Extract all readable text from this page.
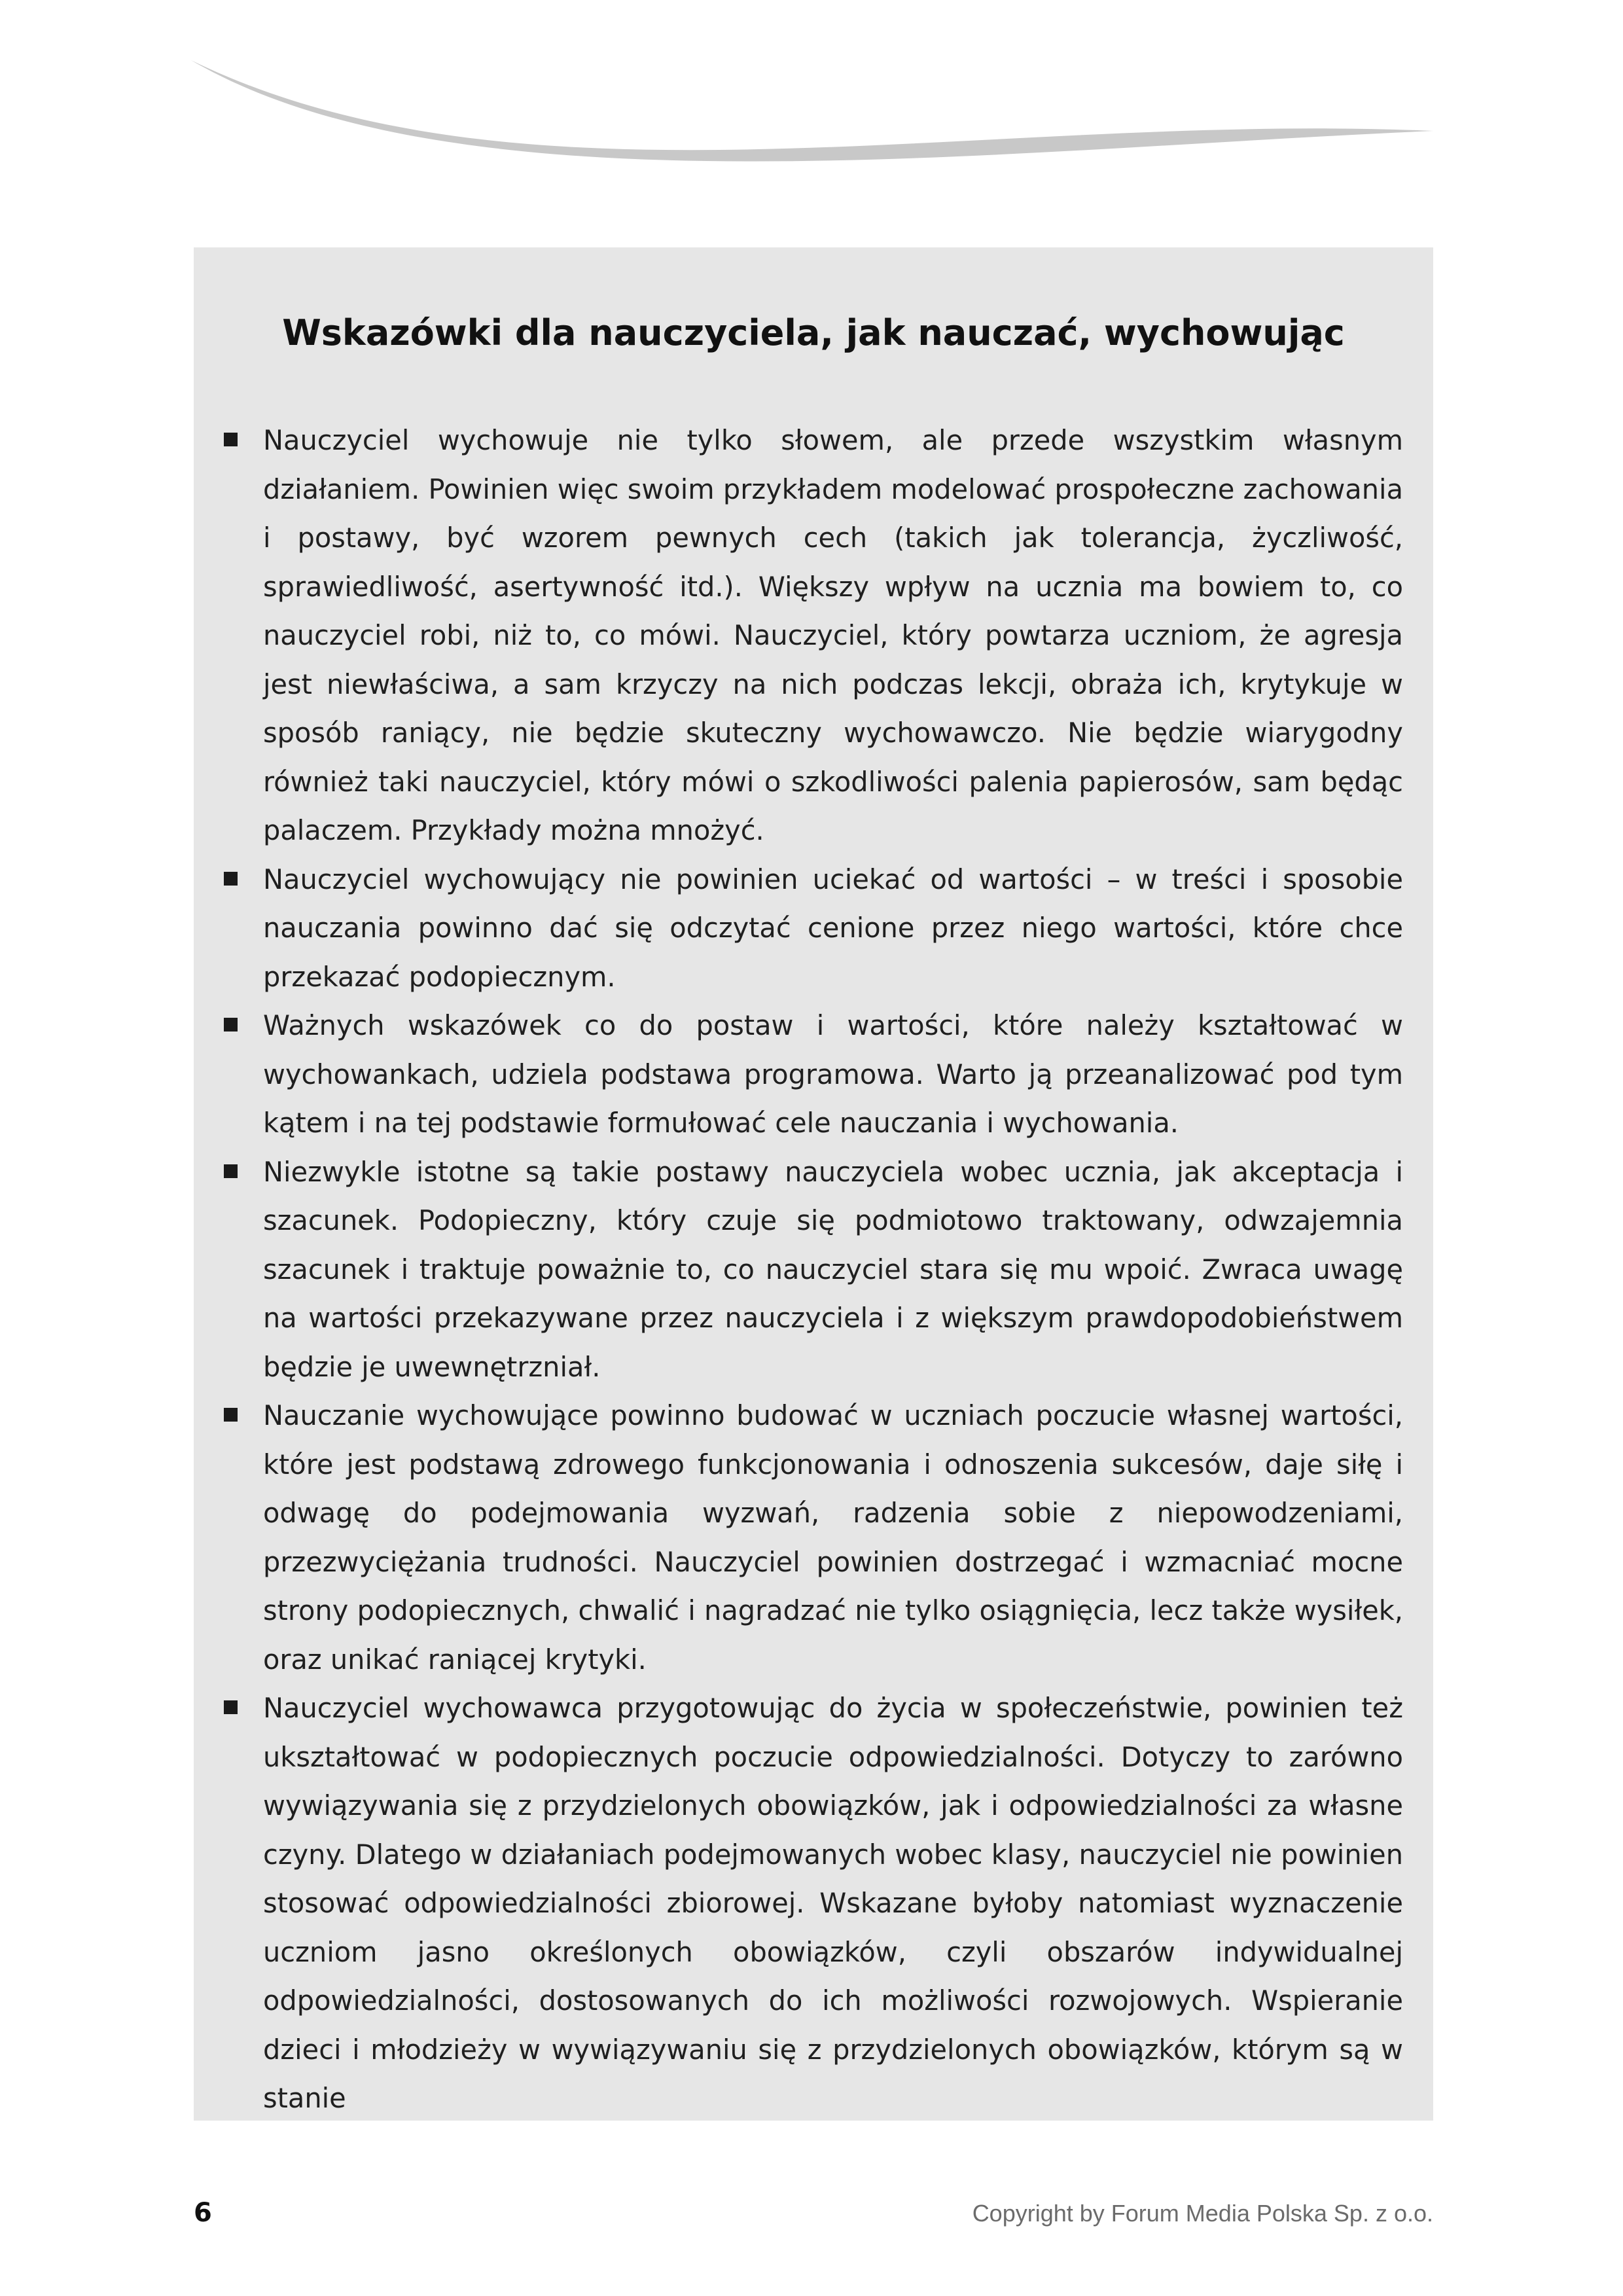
Wskazówki dla nauczyciela, jak nauczać, wychowując
Nauczyciel wychowuje nie tylko słowem, ale przede wszystkim własnym działaniem. Powinien więc swoim przykładem modelować prospołeczne zachowania i postawy, być wzorem pewnych cech (takich jak tolerancja, życzliwość, sprawiedliwość, asertywność itd.). Większy wpływ na ucznia ma bowiem to, co nauczyciel robi, niż to, co mówi. Nauczyciel, który powtarza uczniom, że agresja jest niewłaściwa, a sam krzyczy na nich podczas lekcji, obraża ich, krytykuje w sposób raniący, nie będzie skuteczny wychowawczo. Nie będzie wiarygodny również taki nauczyciel, który mówi o szkodliwości palenia papierosów, sam będąc palaczem. Przykłady można mnożyć.
Nauczyciel wychowujący nie powinien uciekać od wartości – w treści i sposobie nauczania powinno dać się odczytać cenione przez niego wartości, które chce przekazać podopiecznym.
Ważnych wskazówek co do postaw i wartości, które należy kształtować w wychowankach, udziela podstawa programowa. Warto ją przeanalizować pod tym kątem i na tej podstawie formułować cele nauczania i wychowania.
Niezwykle istotne są takie postawy nauczyciela wobec ucznia, jak akceptacja i szacunek. Podopieczny, który czuje się podmiotowo traktowany, odwzajemnia szacunek i traktuje poważnie to, co nauczyciel stara się mu wpoić. Zwraca uwagę na wartości przekazywane przez nauczyciela i z większym prawdopodobieństwem będzie je uwewnętrzniał.
Nauczanie wychowujące powinno budować w uczniach poczucie własnej wartości, które jest podstawą zdrowego funkcjonowania i odnoszenia sukcesów, daje siłę i odwagę do podejmowania wyzwań, radzenia sobie z niepowodzeniami, przezwyciężania trudności. Nauczyciel powinien dostrzegać i wzmacniać mocne strony podopiecznych, chwalić i nagradzać nie tylko osiągnięcia, lecz także wysiłek, oraz unikać raniącej krytyki.
Nauczyciel wychowawca przygotowując do życia w społeczeństwie, powinien też ukształtować w podopiecznych poczucie odpowiedzialności. Dotyczy to zarówno wywiązywania się z przydzielonych obowiązków, jak i odpowiedzialności za własne czyny. Dlatego w działaniach podejmowanych wobec klasy, nauczyciel nie powinien stosować odpowiedzialności zbiorowej. Wskazane byłoby natomiast wyznaczenie uczniom jasno określonych obowiązków, czyli obszarów indywidualnej odpowiedzialności, dostosowanych do ich możliwości rozwojowych. Wspieranie dzieci i młodzieży w wywiązywaniu się z przydzielonych obowiązków, którym są w stanie
6	Copyright by Forum Media Polska Sp. z o.o.
